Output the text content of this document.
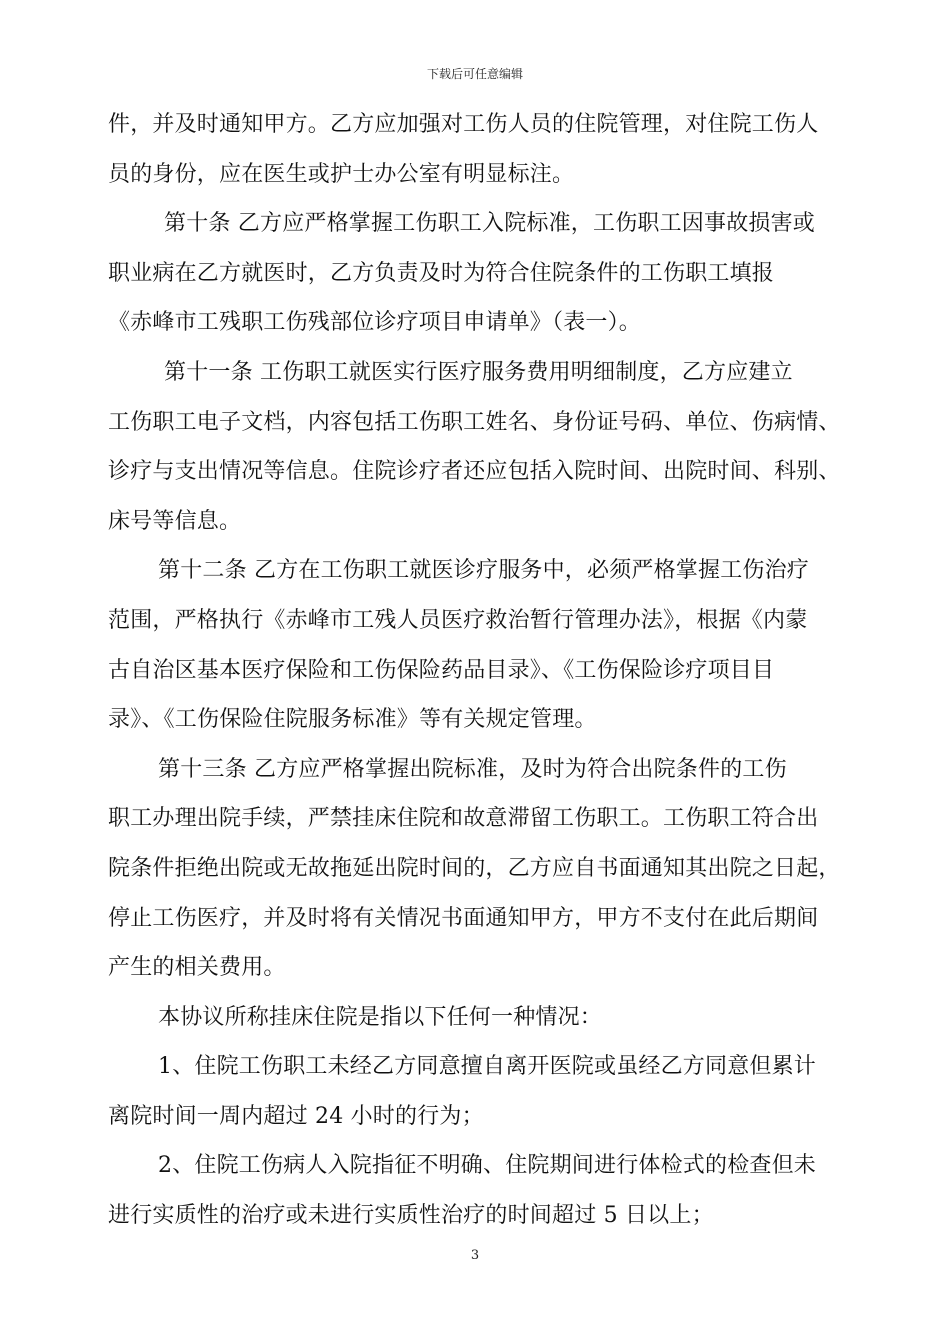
下载后可任意编辑
件，并及时通知甲方。乙方应加强对工伤人员的住院管理，对住院工伤人
员的身份，应在医生或护士办公室有明显标注。
第十条 乙方应严格掌握工伤职工入院标准，工伤职工因事故损害或
职业病在乙方就医时，乙方负责及时为符合住院条件的工伤职工填报
《赤峰市工残职工伤残部位诊疗项目申请单》（表一）。
第十一条 工伤职工就医实行医疗服务费用明细制度，乙方应建立
工伤职工电子文档，内容包括工伤职工姓名、身份证号码、单位、伤病情、
诊疗与支出情况等信息。住院诊疗者还应包括入院时间、出院时间、科别、
床号等信息。
第十二条 乙方在工伤职工就医诊疗服务中，必须严格掌握工伤治疗
范围，严格执行《赤峰市工残人员医疗救治暂行管理办法》，根据《内蒙
古自治区基本医疗保险和工伤保险药品目录》、《工伤保险诊疗项目目
录》、《工伤保险住院服务标准》等有关规定管理。
第十三条 乙方应严格掌握出院标准，及时为符合出院条件的工伤
职工办理出院手续，严禁挂床住院和故意滞留工伤职工。工伤职工符合出
院条件拒绝出院或无故拖延出院时间的，乙方应自书面通知其出院之日起，
停止工伤医疗，并及时将有关情况书面通知甲方，甲方不支付在此后期间
产生的相关费用。
本协议所称挂床住院是指以下任何一种情况：
1、住院工伤职工未经乙方同意擅自离开医院或虽经乙方同意但累计
离院时间一周内超过 24 小时的行为；
2、住院工伤病人入院指征不明确、住院期间进行体检式的检查但未
进行实质性的治疗或未进行实质性治疗的时间超过 5 日以上；
3
